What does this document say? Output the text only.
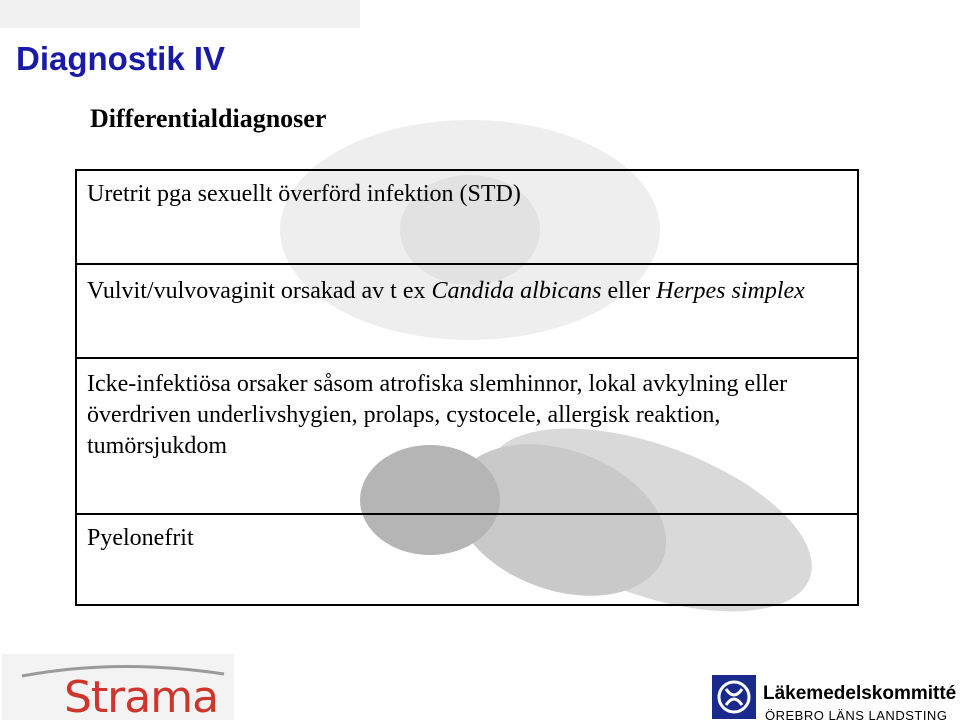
Diagnostik IV
Differentialdiagnoser
Uretrit pga sexuellt överförd infektion (STD)
Vulvit/vulvovaginit orsakad av t ex Candida albicans eller Herpes simplex
Icke-infektiösa orsaker såsom atrofiska slemhinnor, lokal avkylning eller överdriven underlivshygien, prolaps, cystocele, allergisk reaktion, tumörsjukdom
Pyelonefrit
Strama	Läkemedelskommitté
ÖREBRO LÄNS LANDSTING
